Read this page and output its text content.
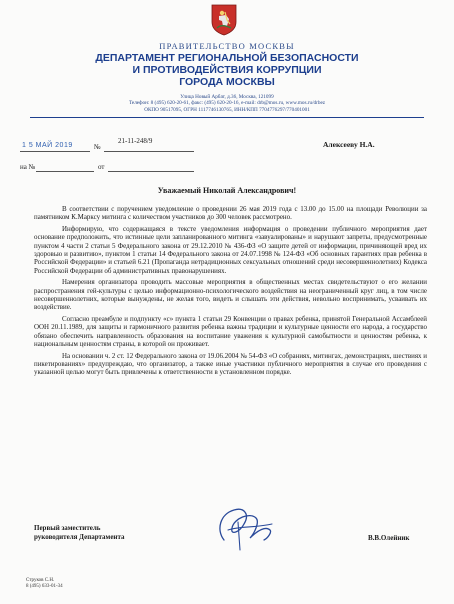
ПРАВИТЕЛЬСТВО МОСКВЫ
ДЕПАРТАМЕНТ РЕГИОНАЛЬНОЙ БЕЗОПАСНОСТИ
И ПРОТИВОДЕЙСТВИЯ КОРРУПЦИИ
ГОРОДА МОСКВЫ
Улица Новый Арбат, д.36, Москва, 121099
Телефон: 8 (495) 620-20-61, факс: (495) 620-20-16, e-mail: drb@mos.ru, www.mos.ru/drbez
ОКПО 90517095, ОГРН 1117746130765, ИНН/КПП 7704776297/770401001
1 5 МАЙ 2019	№
21-11-248/9
на №	от
Алексееву Н.А.
Уважаемый Николай Александрович!

В соответствии с поручением уведомление о проведении 26 мая 2019 года с 13.00 до 15.00 на площади Революции за памятником К.Марксу митинга с количеством участников до 300 человек рассмотрено.

Информирую, что содержащаяся в тексте уведомления информация о проведении публичного мероприятия дает основание предположить, что истинные цели запланированного митинга «завуалированы» и нарушают запреты, предусмотренные пунктом 4 части 2 статьи 5 Федерального закона от 29.12.2010 № 436-ФЗ «О защите детей от информации, причиняющей вред их здоровью и развитию», пунктом 1 статьи 14 Федерального закона от 24.07.1998 № 124-ФЗ «Об основных гарантиях прав ребенка в Российской Федерации» и статьей 6.21 (Пропаганда нетрадиционных сексуальных отношений среди несовершеннолетних) Кодекса Российской Федерации об административных правонарушениях.

Намерения организатора проводить массовые мероприятия в общественных местах свидетельствуют о его желании распространения гей-культуры с целью информационно-психологического воздействия на неограниченный круг лиц, в том числе несовершеннолетних, которые вынуждены, не желая того, видеть и слышать эти действия, невольно воспринимать, усваивать их воздействие.

Согласно преамбуле и подпункту «c» пункта 1 статьи 29 Конвенции о правах ребенка, принятой Генеральной Ассамблеей ООН 20.11.1989, для защиты и гармоничного развития ребенка важны традиции и культурные ценности его народа, а государство обязано обеспечить направленность образования на воспитание уважения к культурной самобытности и ценностям ребенка, к национальным ценностям страны, в которой он проживает.

На основании ч. 2 ст. 12 Федерального закона от 19.06.2004 № 54-ФЗ «О собраниях, митингах, демонстрациях, шествиях и пикетированиях» предупреждаю, что организатор, а также иные участники публичного мероприятия в случае его проведения с указанной целью могут быть привлечены к ответственности в установленном порядке.

Первый заместитель
руководителя Департамента	В.В.Олейник
Струков С.Н.
8 (495) 633-01-34
